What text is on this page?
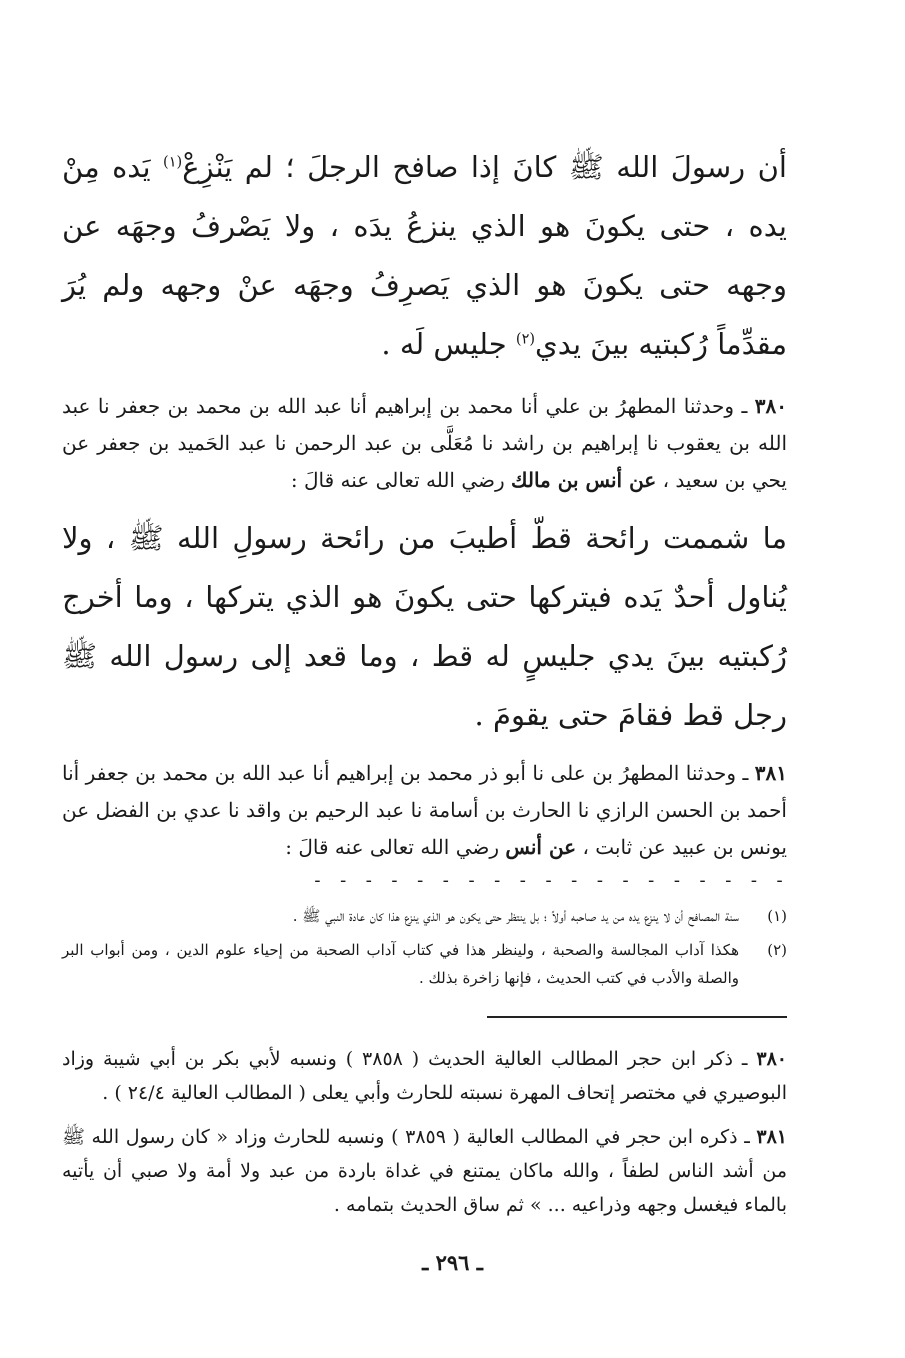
أن رسولَ الله ﷺ كانَ إذا صافح الرجلَ ؛ لم يَنْزِعْ$^{(١)}$ يَده مِنْ يده ، حتى يكونَ هو الذي ينزعُ يدَه ، ولا يَصْرفُ وجهَه عن وجهه حتى يكونَ هو الذي يَصرِفُ وجهَه عنْ وجهه ولم يُرَ مقدِّماً رُكبتيه بينَ يدي$^{(٢)}$ جليس لَه .

٣٨٠ ـ وحدثنا المطهرُ بن علي أنا محمد بن إبراهيم أنا عبد الله بن محمد بن جعفر نا عبد الله بن يعقوب نا إبراهيم بن راشد نا مُعَلَّى بن عبد الرحمن نا عبد الحَميد بن جعفر عن يحي بن سعيد ، عن أنس بن مالك رضي الله تعالى عنه قالَ :

ما شممت رائحة قطّ أطيبَ من رائحة رسولِ الله ﷺ ، ولا يُناول أحدٌ يَده فيتركها حتى يكونَ هو الذي يتركها ، وما أخرج رُكبتيه بينَ يدي جليسٍ له قط ، وما قعد إلى رسول الله ﷺ رجل قط فقامَ حتى يقومَ .

٣٨١ ـ وحدثنا المطهرُ بن على نا أبو ذر محمد بن إبراهيم أنا عبد الله بن محمد بن جعفر أنا أحمد بن الحسن الرازي نا الحارث بن أسامة نا عبد الرحيم بن واقد نا عدي بن الفضل عن يونس بن عبيد عن ثابت ، عن أنس رضي الله تعالى عنه قالَ :

- - - - - - - - - - - - - - - - - - -
(١)
سنة المصافح أن لا ينزع يده من يد صاحبه أولاً ؛ بل ينتظر حتى يكون هو الذي ينزع هذا كان عادة النبي ﷺ .
(٢)
هكذا آداب المجالسة والصحبة ، ولينظر هذا في كتاب آداب الصحبة من إحياء علوم الدين ، ومن أبواب البر والصلة والأدب في كتب الحديث ، فإنها زاخرة بذلك .

٣٨٠ ـ ذكر ابن حجر المطالب العالية الحديث ( ٣٨٥٨ ) ونسبه لأبي بكر بن أبي شيبة وزاد البوصيري في مختصر إتحاف المهرة نسبته للحارث وأبي يعلى ( المطالب العالية ٢٤/٤ ) .

٣٨١ ـ ذكره ابن حجر في المطالب العالية ( ٣٨٥٩ ) ونسبه للحارث وزاد « كان رسول الله ﷺ من أشد الناس لطفاً ، والله ماكان يمتنع في غداة باردة من عبد ولا أمة ولا صبي أن يأتيه بالماء فيغسل وجهه وذراعيه ... » ثم ساق الحديث بتمامه .

ـ ٢٩٦ ـ
